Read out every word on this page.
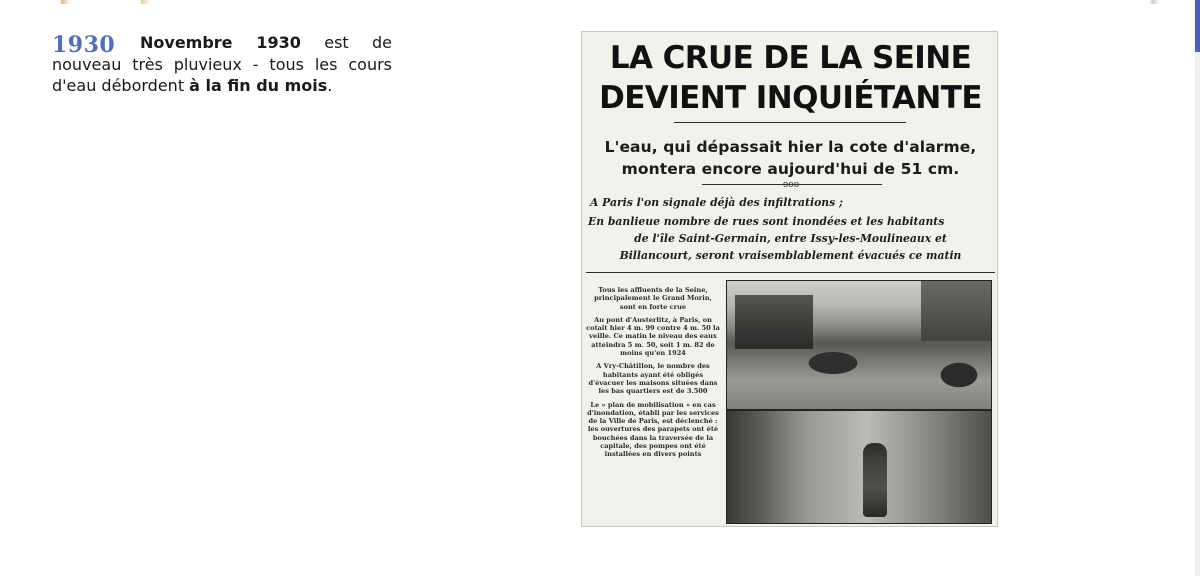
1930	Novembre 1930 est de nouveau très pluvieux - tous les cours d'eau débordent à la fin du mois.

LA CRUE DE LA SEINE
DEVIENT INQUIÉTANTE
L'eau, qui dépassait hier la cote d'alarme,
montera encore aujourd'hui de 51 cm.
ooo
A Paris l'on signale déjà des infiltrations ;
En banlieue nombre de rues sont inondées et les habitants
de l'île Saint-Germain, entre Issy-les-Moulineaux et
Billancourt, seront vraisemblablement évacués ce matin

Tous les affluents de la Seine, principalement le Grand Morin, sont en forte crue

Au pont d'Austerlitz, à Paris, on cotait hier 4 m. 99 contre 4 m. 50 la veille. Ce matin le niveau des eaux atteindra 5 m. 50, soit 1 m. 82 de moins qu'en 1924

A Vry-Châtillon, le nombre des habitants ayant été obligés d'évacuer les maisons situées dans les bas quartiers est de 3.500

Le « plan de mobilisation » en cas d'inondation, établi par les services de la Ville de Paris, est déclenché : les ouvertures des parapets ont été bouchées dans la traversée de la capitale, des pompes ont été installées en divers points
